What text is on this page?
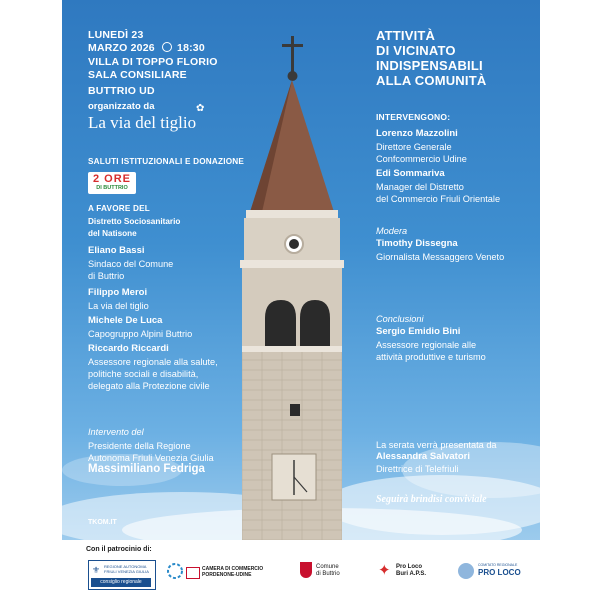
LUNEDÌ 23

MARZO 2026 18:30

VILLA DI TOPPO FLORIO

SALA CONSILIARE

BUTTRIO UD

organizzato da

La via del tiglio

✿

SALUTI ISTITUZIONALI E DONAZIONE

2 ORE
DI BUTTRIO

A FAVORE DEL

Distretto Sociosanitario

del Natisone

Eliano Bassi

Sindaco del Comune

di Buttrio

Filippo Meroi

La via del tiglio

Michele De Luca

Capogruppo Alpini Buttrio

Riccardo Riccardi

Assessore regionale alla salute,

politiche sociali e disabilità,

delegato alla Protezione civile

Intervento del

Presidente della Regione

Autonoma Friuli Venezia Giulia

Massimiliano Fedriga

TKOM.IT

ATTIVITÀ

DI VICINATO

INDISPENSABILI

ALLA COMUNITÀ

INTERVENGONO:

Lorenzo Mazzolini

Direttore Generale

Confcommercio Udine

Edi Sommariva

Manager del Distretto

del Commercio Friuli Orientale

Modera

Timothy Dissegna

Giornalista Messaggero Veneto

Conclusioni

Sergio Emidio Bini

Assessore regionale alle

attività produttive e turismo

La serata verrà presentata da

Alessandra Salvatori

Direttrice di Telefriuli

Seguirà brindisi conviviale

Con il patrocinio di:

⚜ REGIONE AUTONOMA
FRIULI VENEZIA GIULIA
consiglio regionale
CAMERA DI COMMERCIO
PORDENONE-UDINE
Comune
di Buttrio	✦ Pro Loco
Buri A.P.S.
COMITATO REGIONALE
PRO LOCO
